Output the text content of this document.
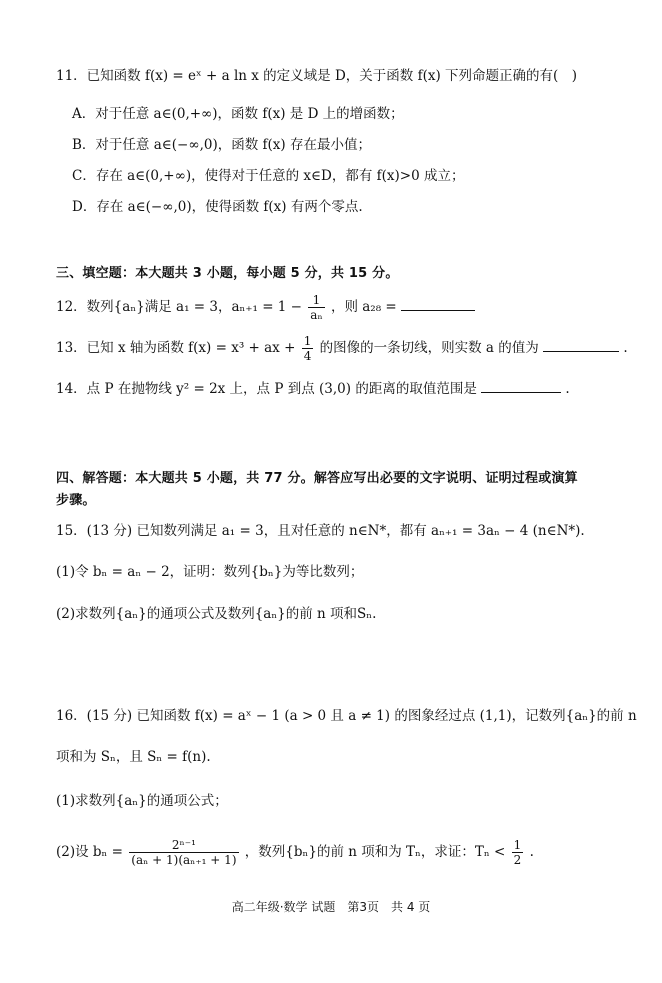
11．已知函数 f(x) = eˣ + a ln x 的定义域是 D，关于函数 f(x) 下列命题正确的有(　)
A．对于任意 a∈(0,+∞)，函数 f(x) 是 D 上的增函数；
B．对于任意 a∈(−∞,0)，函数 f(x) 存在最小值；
C．存在 a∈(0,+∞)，使得对于任意的 x∈D，都有 f(x)>0 成立；
D．存在 a∈(−∞,0)，使得函数 f(x) 有两个零点.
三、填空题：本大题共 3 小题，每小题 5 分，共 15 分。
12．数列{aₙ}满足 a₁ = 3，$a_{n+1} = 1 - \frac{1}{\text{aₙ}}$ ，则 a₂₈ =
13．已知 x 轴为函数 f(x) = x³ + ax + $\frac{1}{4}$ 的图像的一条切线，则实数 a 的值为	.
14．点 P 在抛物线 y² = 2x 上，点 P 到点 (3,0) 的距离的取值范围是	.
四、解答题：本大题共 5 小题，共 77 分。解答应写出必要的文字说明、证明过程或演算
步骤。
15．(13 分) 已知数列满足 a₁ = 3，且对任意的 n∈N*，都有 aₙ₊₁ = 3aₙ − 4 (n∈N*).
(1)令 bₙ = aₙ − 2，证明：数列{bₙ}为等比数列；
(2)求数列{aₙ}的通项公式及数列{aₙ}的前 n 项和Sₙ.
16．(15 分) 已知函数 f(x) = aˣ − 1 (a > 0 且 a ≠ 1) 的图象经过点 (1,1)，记数列{aₙ}的前 n
项和为 Sₙ，且 Sₙ = f(n).
(1)求数列{aₙ}的通项公式；
(2)设 $b_n = \frac{\text{2ⁿ⁻¹}}{\text{(aₙ + 1)(aₙ₊₁ + 1)}}$ ，数列{bₙ}的前 n 项和为 Tₙ，求证：$T_n < \frac{1}{2}$ .
高二年级·数学 试题　第3页　共 4 页
